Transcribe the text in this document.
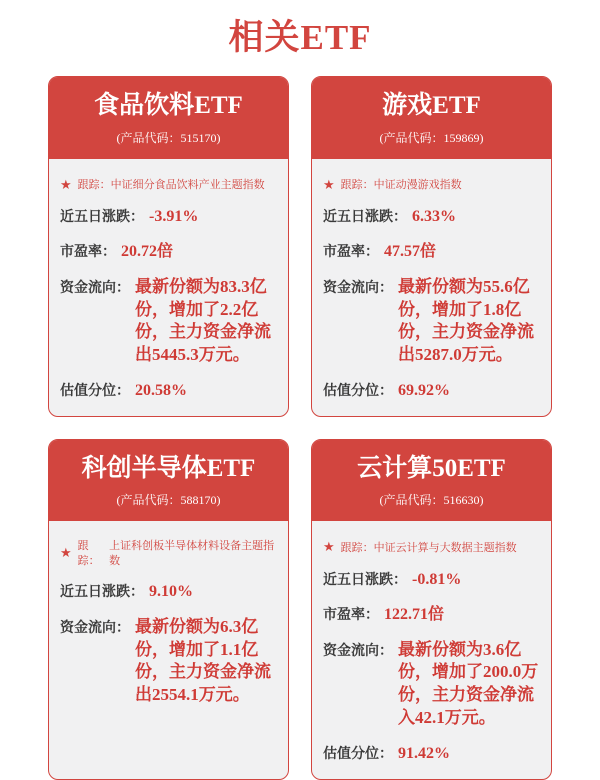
相关ETF
食品饮料ETF
(产品代码：515170)
★ 跟踪： 中证细分食品饮料产业主题指数
近五日涨跌： -3.91%
市盈率： 20.72倍
资金流向： 最新份额为83.3亿份，增加了2.2亿份，主力资金净流出5445.3万元。
估值分位： 20.58%
游戏ETF
(产品代码：159869)
★ 跟踪： 中证动漫游戏指数
近五日涨跌： 6.33%
市盈率： 47.57倍
资金流向： 最新份额为55.6亿份，增加了1.8亿份，主力资金净流出5287.0万元。
估值分位： 69.92%
科创半导体ETF
(产品代码：588170)
★ 跟踪：
上证科创板半导体材料设备主题指数
近五日涨跌： 9.10%
资金流向： 最新份额为6.3亿份，增加了1.1亿份，主力资金净流出2554.1万元。
云计算50ETF
(产品代码：516630)
★ 跟踪： 中证云计算与大数据主题指数
近五日涨跌： -0.81%
市盈率： 122.71倍
资金流向： 最新份额为3.6亿份，增加了200.0万份，主力资金净流入42.1万元。
估值分位： 91.42%
